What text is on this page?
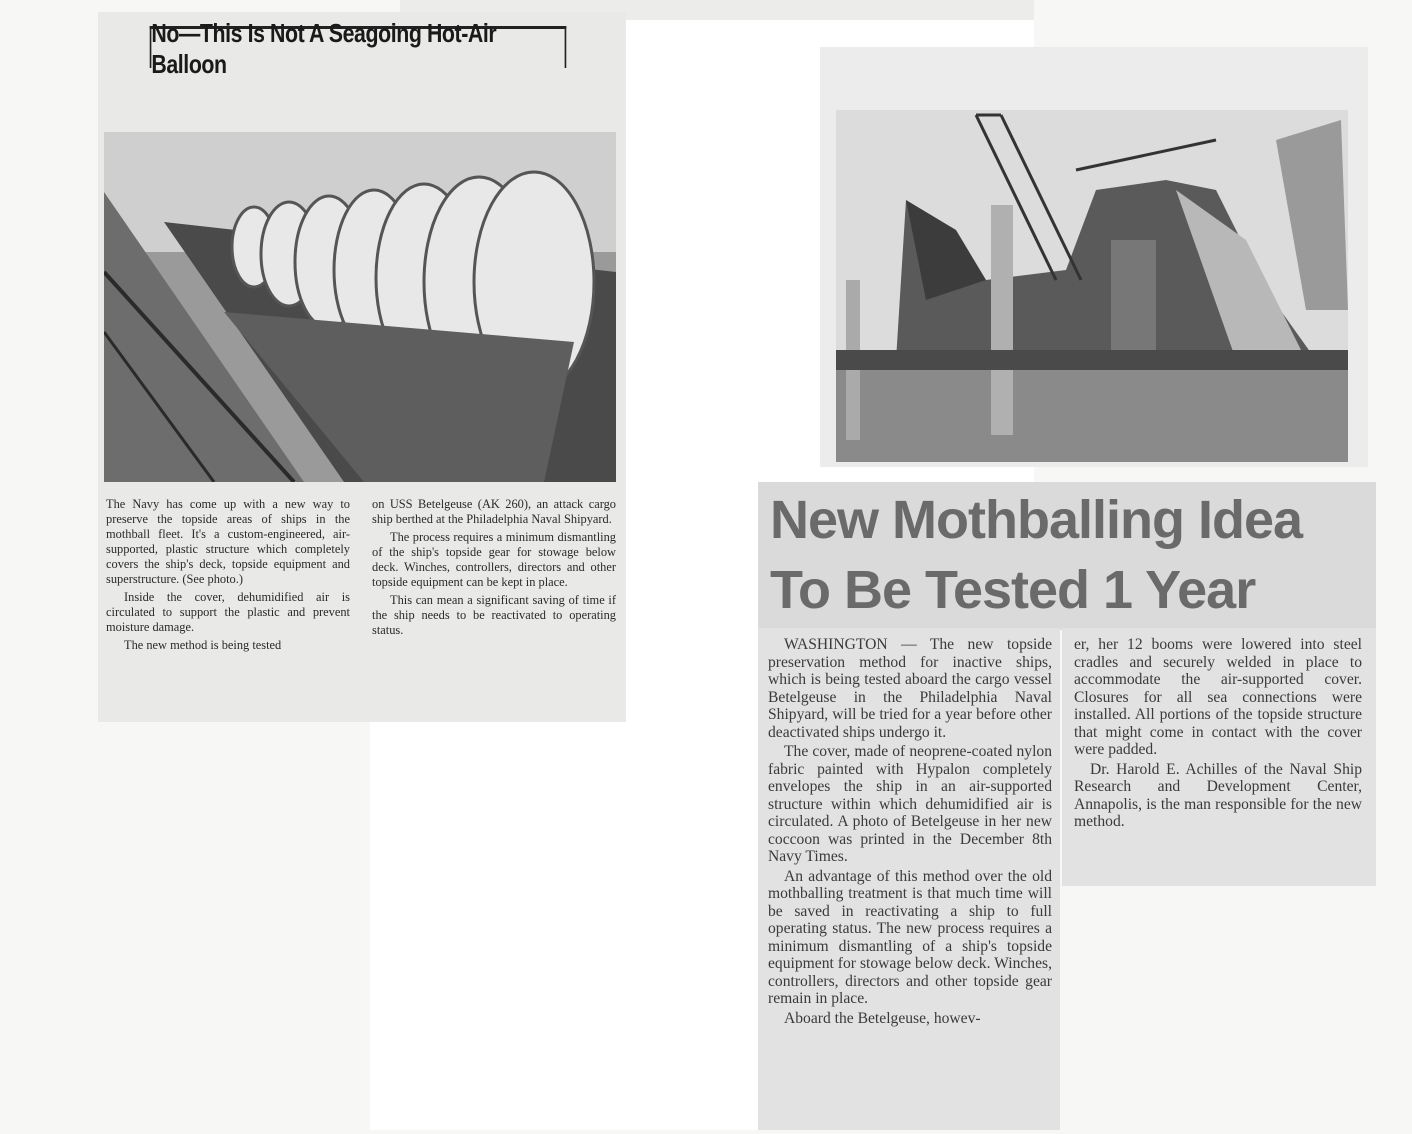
No—This Is Not A Seagoing Hot-Air Balloon

The Navy has come up with a new way to preserve the topside areas of ships in the mothball fleet. It's a custom-engineered, air-supported, plastic structure which completely covers the ship's deck, topside equipment and superstructure. (See photo.)

Inside the cover, dehumidified air is circulated to support the plastic and prevent moisture damage.

The new method is being tested

on USS Betelgeuse (AK 260), an attack cargo ship berthed at the Philadelphia Naval Shipyard.

The process requires a minimum dismantling of the ship's topside gear for stowage below deck. Winches, controllers, directors and other topside equipment can be kept in place.

This can mean a significant saving of time if the ship needs to be reactivated to operating status.

New Mothballing Idea
To Be Tested 1 Year

WASHINGTON — The new topside preservation method for inactive ships, which is being tested aboard the cargo vessel Betelgeuse in the Philadelphia Naval Shipyard, will be tried for a year before other deactivated ships undergo it.

The cover, made of neoprene-coated nylon fabric painted with Hypalon completely envelopes the ship in an air-supported structure within which dehumidified air is circulated. A photo of Betelgeuse in her new coccoon was printed in the December 8th Navy Times.

An advantage of this method over the old mothballing treatment is that much time will be saved in reactivating a ship to full operating status. The new process requires a minimum dismantling of a ship's topside equipment for stowage below deck. Winches, controllers, directors and other topside gear remain in place.

Aboard the Betelgeuse, howev-

er, her 12 booms were lowered into steel cradles and securely welded in place to accommodate the air-supported cover. Closures for all sea connections were installed. All portions of the topside structure that might come in contact with the cover were padded.

Dr. Harold E. Achilles of the Naval Ship Research and Development Center, Annapolis, is the man responsible for the new method.
